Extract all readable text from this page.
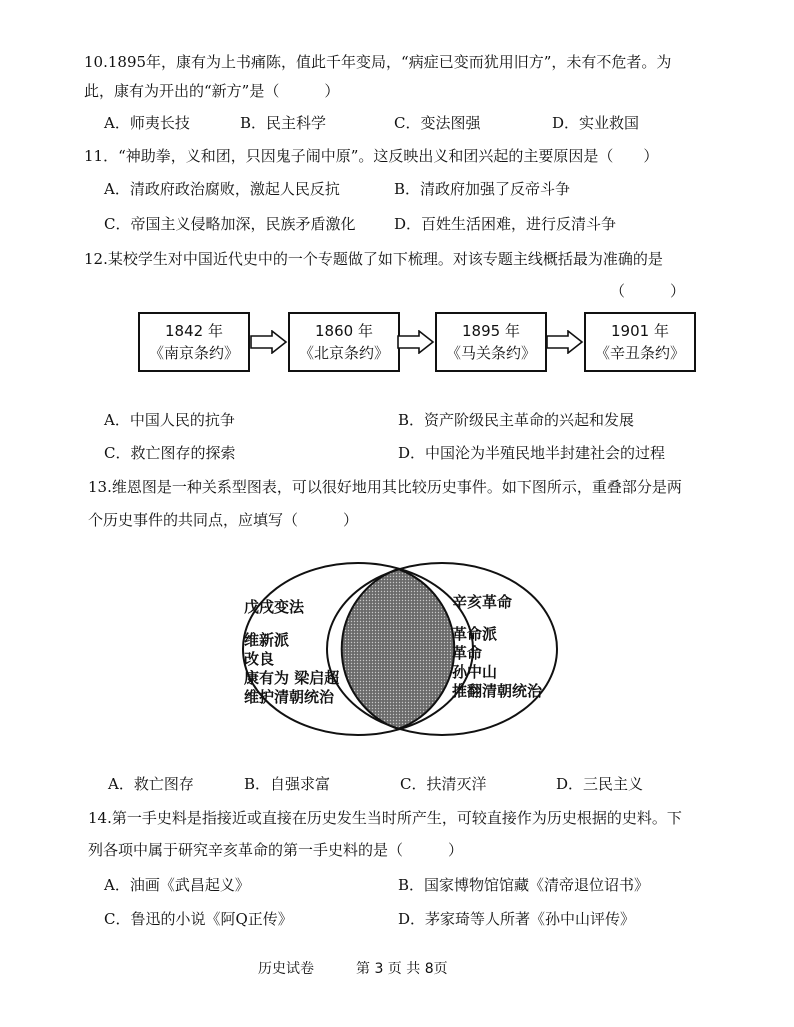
10.1895年，康有为上书痛陈，值此千年变局，“病症已变而犹用旧方”，未有不危者。为
此，康有为开出的“新方”是（　　　）
A．师夷长技	B．民主科学	C．变法图强	D．实业救国
11．“神助拳，义和团，只因鬼子闹中原”。这反映出义和团兴起的主要原因是（　　）
A．清政府政治腐败，激起人民反抗	B．清政府加强了反帝斗争
C．帝国主义侵略加深，民族矛盾激化	D．百姓生活困难，进行反清斗争
12.某校学生对中国近代史中的一个专题做了如下梳理。对该专题主线概括最为准确的是
（　　　）
1842 年
《南京条约》
1860 年
《北京条约》
1895 年
《马关条约》
1901 年
《辛丑条约》
A．中国人民的抗争	B．资产阶级民主革命的兴起和发展
C．救亡图存的探索	D．中国沦为半殖民地半封建社会的过程
13.维恩图是一种关系型图表，可以很好地用其比较历史事件。如下图所示，重叠部分是两
个历史事件的共同点，应填写（　　　）
戊戌变法
维新派
改良
康有为 梁启超
维护清朝统治
辛亥革命
革命派
革命
孙中山
推翻清朝统治
A．救亡图存	B．自强求富	C．扶清灭洋	D．三民主义
14.第一手史料是指接近或直接在历史发生当时所产生，可较直接作为历史根据的史料。下
列各项中属于研究辛亥革命的第一手史料的是（　　　）
A．油画《武昌起义》	B．国家博物馆馆藏《清帝退位诏书》
C．鲁迅的小说《阿Q正传》	D．茅家琦等人所著《孙中山评传》
历史试卷	第 3 页 共 8页
